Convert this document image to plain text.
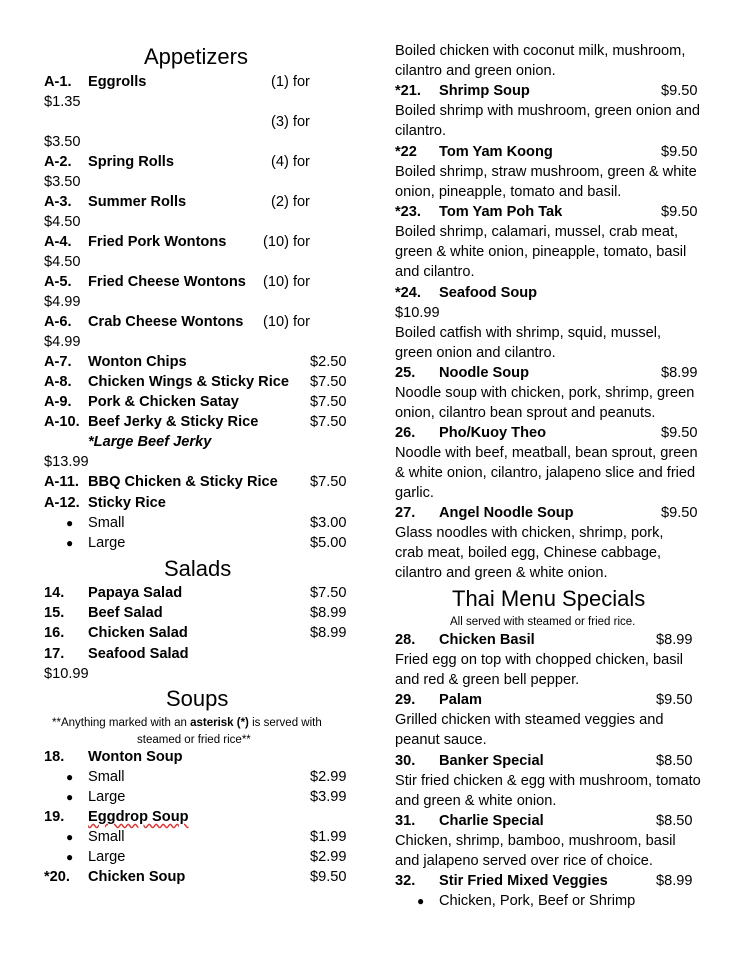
Appetizers
A-1. Eggrolls	(1) for
$1.35
(3) for
$3.50
A-2. Spring Rolls	(4) for
$3.50
A-3. Summer Rolls	(2) for
$4.50
A-4. Fried Pork Wontons	(10) for
$4.50
A-5. Fried Cheese Wontons (10) for
$4.99
A-6. Crab Cheese Wontons (10) for
$4.99
A-7. Wonton Chips	$2.50
A-8. Chicken Wings & Sticky Rice $7.50
A-9. Pork & Chicken Satay	$7.50
A-10. Beef Jerky & Sticky Rice	$7.50
*Large Beef Jerky
$13.99
A-11. BBQ Chicken & Sticky Rice $7.50
A-12. Sticky Rice
● Small	$3.00
● Large	$5.00
Salads
14. Papaya Salad	$7.50
15. Beef Salad	$8.99
16. Chicken Salad	$8.99
17. Seafood Salad
$10.99
Soups
**Anything marked with an asterisk (*) is served with
steamed or fried rice**
18. Wonton Soup
● Small	$2.99
● Large	$3.99
19. Eggdrop Soup
● Small	$1.99
● Large	$2.99
*20. Chicken Soup	$9.50
Boiled chicken with coconut milk, mushroom, cilantro and green onion.
*21. Shrimp Soup	$9.50
Boiled shrimp with mushroom, green onion and cilantro.
*22 Tom Yam Koong	$9.50
Boiled shrimp, straw mushroom, green & white onion, pineapple, tomato and basil.
*23. Tom Yam Poh Tak	$9.50
Boiled shrimp, calamari, mussel, crab meat, green & white onion, pineapple, tomato, basil and cilantro.
*24. Seafood Soup
$10.99
Boiled catfish with shrimp, squid, mussel, green onion and cilantro.
25. Noodle Soup	$8.99
Noodle soup with chicken, pork, shrimp, green onion, cilantro bean sprout and peanuts.
26. Pho/Kuoy Theo	$9.50
Noodle with beef, meatball, bean sprout, green & white onion, cilantro, jalapeno slice and fried garlic.
27. Angel Noodle Soup	$9.50
Glass noodles with chicken, shrimp, pork, crab meat, boiled egg, Chinese cabbage, cilantro and green & white onion.
Thai Menu Specials
All served with steamed or fried rice.
28. Chicken Basil	$8.99
Fried egg on top with chopped chicken, basil and red & green bell pepper.
29. Palam	$9.50
Grilled chicken with steamed veggies and peanut sauce.
30. Banker Special	$8.50
Stir fried chicken & egg with mushroom, tomato and green & white onion.
31. Charlie Special	$8.50
Chicken, shrimp, bamboo, mushroom, basil and jalapeno served over rice of choice.
32. Stir Fried Mixed Veggies	$8.99
● Chicken, Pork, Beef or Shrimp
